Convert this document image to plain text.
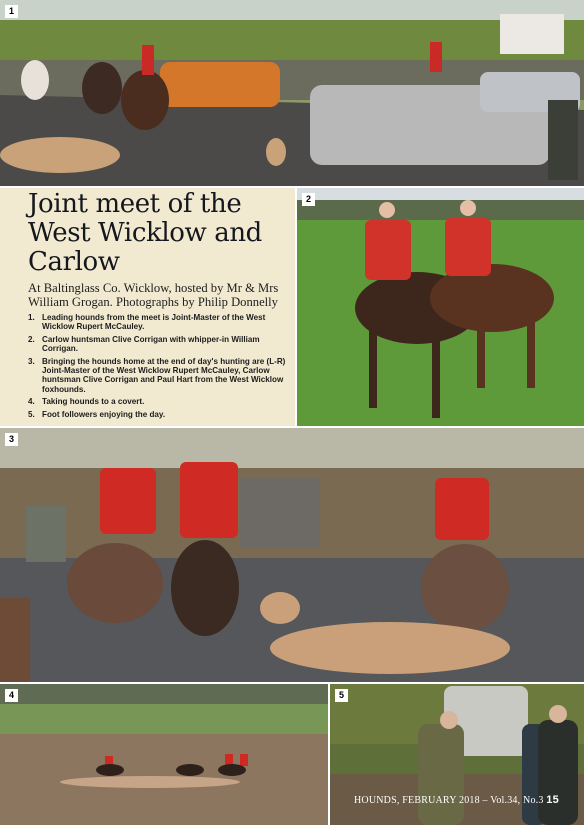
1
Joint meet of the West Wicklow and Carlow

At Baltinglass Co. Wicklow, hosted by Mr & Mrs William Grogan. Photographs by Philip Donnelly

1. Leading hounds from the meet is Joint-Master of the West Wicklow Rupert McCauley.
2. Carlow huntsman Clive Corrigan with whipper-in William Corrigan.
3. Bringing the hounds home at the end of day's hunting are (L-R) Joint-Master of the West Wicklow Rupert McCauley, Carlow huntsman Clive Corrigan and Paul Hart from the West Wicklow foxhounds.
4. Taking hounds to a covert.
5. Foot followers enjoying the day.
2
3
4	5
HOUNDS, FEBRUARY 2018 – Vol.34, No.3 15
